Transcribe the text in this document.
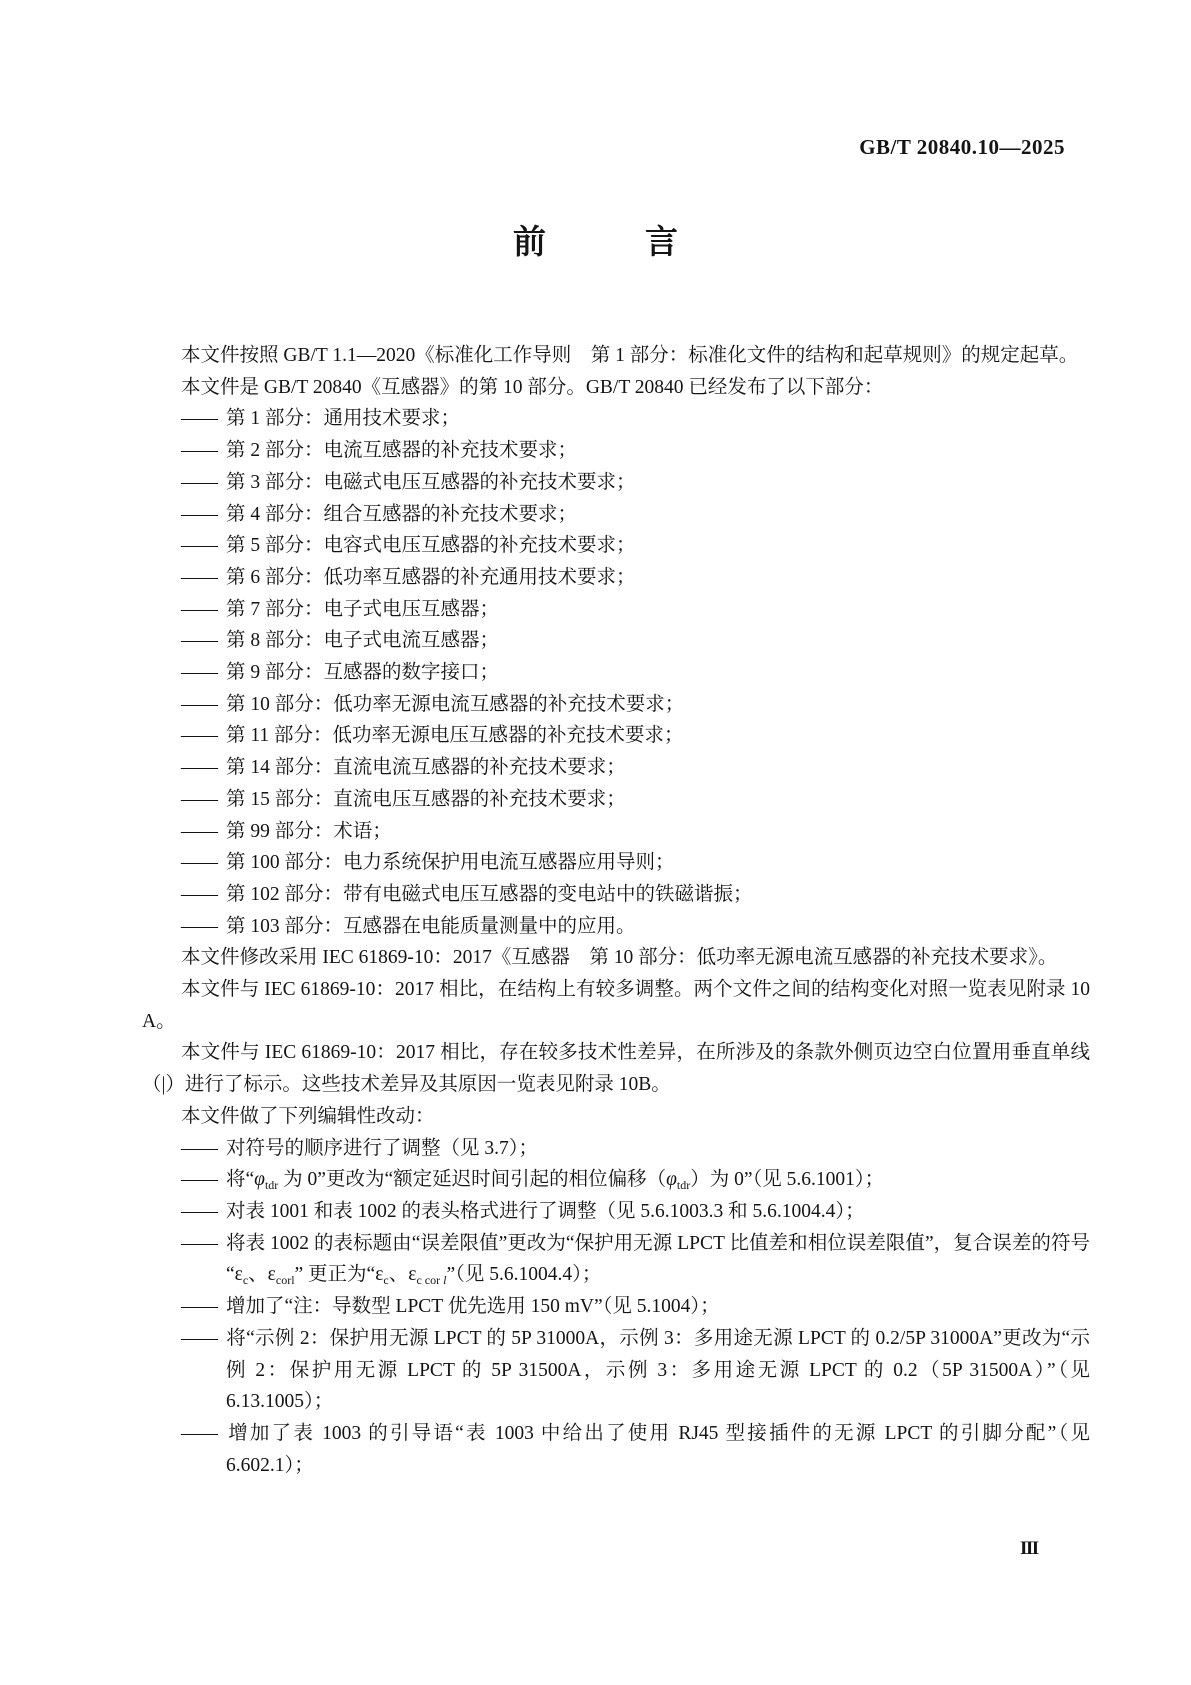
GB/T 20840.10—2025
前　　　言

本文件按照 GB/T 1.1—2020《标准化工作导则　第 1 部分：标准化文件的结构和起草规则》的规定起草。

本文件是 GB/T 20840《互感器》的第 10 部分。GB/T 20840 已经发布了以下部分：

—— 第 1 部分：通用技术要求；

—— 第 2 部分：电流互感器的补充技术要求；

—— 第 3 部分：电磁式电压互感器的补充技术要求；

—— 第 4 部分：组合互感器的补充技术要求；

—— 第 5 部分：电容式电压互感器的补充技术要求；

—— 第 6 部分：低功率互感器的补充通用技术要求；

—— 第 7 部分：电子式电压互感器；

—— 第 8 部分：电子式电流互感器；

—— 第 9 部分：互感器的数字接口；

—— 第 10 部分：低功率无源电流互感器的补充技术要求；

—— 第 11 部分：低功率无源电压互感器的补充技术要求；

—— 第 14 部分：直流电流互感器的补充技术要求；

—— 第 15 部分：直流电压互感器的补充技术要求；

—— 第 99 部分：术语；

—— 第 100 部分：电力系统保护用电流互感器应用导则；

—— 第 102 部分：带有电磁式电压互感器的变电站中的铁磁谐振；

—— 第 103 部分：互感器在电能质量测量中的应用。

本文件修改采用 IEC 61869-10：2017《互感器　第 10 部分：低功率无源电流互感器的补充技术要求》。

本文件与 IEC 61869-10：2017 相比，在结构上有较多调整。两个文件之间的结构变化对照一览表见附录 10 A。

本文件与 IEC 61869-10：2017 相比，存在较多技术性差异，在所涉及的条款外侧页边空白位置用垂直单线（|）进行了标示。这些技术差异及其原因一览表见附录 10B。

本文件做了下列编辑性改动：

—— 对符号的顺序进行了调整（见 3.7）；

—— 将“$\varphi_{tdr}$ 为 0”更改为“额定延迟时间引起的相位偏移$(\varphi_{tdr})$为 0”（见 5.6.1001）；

—— 对表 1001 和表 1002 的表头格式进行了调整（见 5.6.1003.3 和 5.6.1004.4）；

—— 将表 1002 的表标题由“误差限值”更改为“保护用无源 LPCT 比值差和相位误差限值”，复合误差的符号“$\varepsilon_c$、$\varepsilon_{corl}$” 更正为“$\varepsilon_c$、$\varepsilon_{c cor l}$”（见 5.6.1004.4）；

—— 增加了“注：导数型 LPCT 优先选用 150 mV”（见 5.1004）；

—— 将“示例 2：保护用无源 LPCT 的 5P 31000A，示例 3：多用途无源 LPCT 的 0.2/5P 31000A”更改为“示例 2：保护用无源 LPCT 的 5P 31500A，示例 3：多用途无源 LPCT 的 0.2（5P 31500A）”（见 6.13.1005）；

—— 增加了表 1003 的引导语“表 1003 中给出了使用 RJ45 型接插件的无源 LPCT 的引脚分配”（见 6.602.1）；

III
